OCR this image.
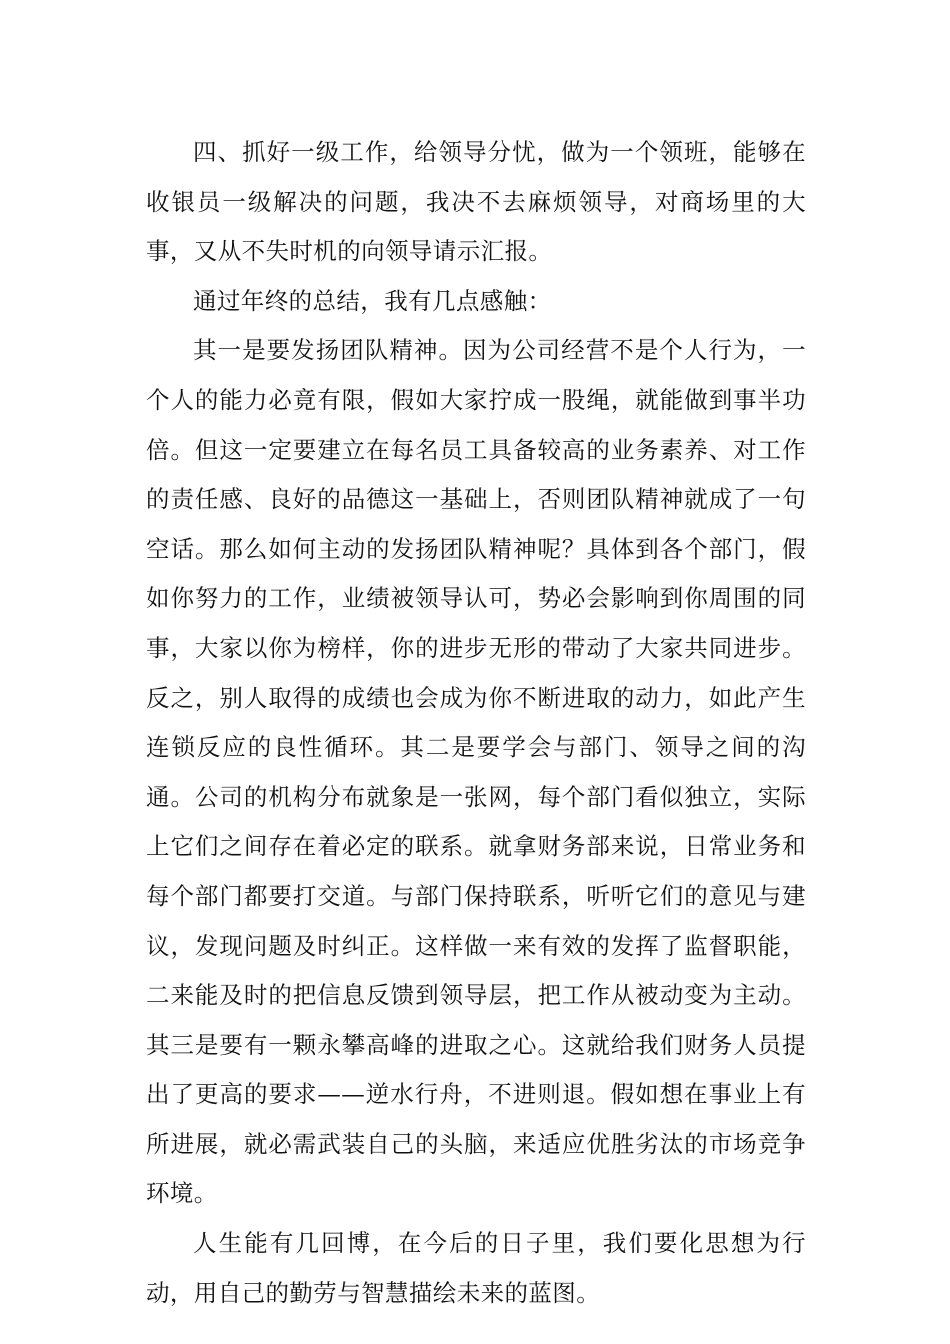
四、抓好一级工作，给领导分忧，做为一个领班，能够在收银员一级解决的问题，我决不去麻烦领导，对商场里的大事，又从不失时机的向领导请示汇报。

通过年终的总结，我有几点感触：

其一是要发扬团队精神。因为公司经营不是个人行为，一个人的能力必竟有限，假如大家拧成一股绳，就能做到事半功倍。但这一定要建立在每名员工具备较高的业务素养、对工作的责任感、良好的品德这一基础上，否则团队精神就成了一句空话。那么如何主动的发扬团队精神呢？具体到各个部门，假如你努力的工作，业绩被领导认可，势必会影响到你周围的同事，大家以你为榜样，你的进步无形的带动了大家共同进步。反之，别人取得的成绩也会成为你不断进取的动力，如此产生连锁反应的良性循环。其二是要学会与部门、领导之间的沟通。公司的机构分布就象是一张网，每个部门看似独立，实际上它们之间存在着必定的联系。就拿财务部来说，日常业务和每个部门都要打交道。与部门保持联系，听听它们的意见与建议，发现问题及时纠正。这样做一来有效的发挥了监督职能，二来能及时的把信息反馈到领导层，把工作从被动变为主动。其三是要有一颗永攀高峰的进取之心。这就给我们财务人员提出了更高的要求——逆水行舟，不进则退。假如想在事业上有所进展，就必需武装自己的头脑，来适应优胜劣汰的市场竞争环境。

人生能有几回博，在今后的日子里，我们要化思想为行动，用自己的勤劳与智慧描绘未来的蓝图。
